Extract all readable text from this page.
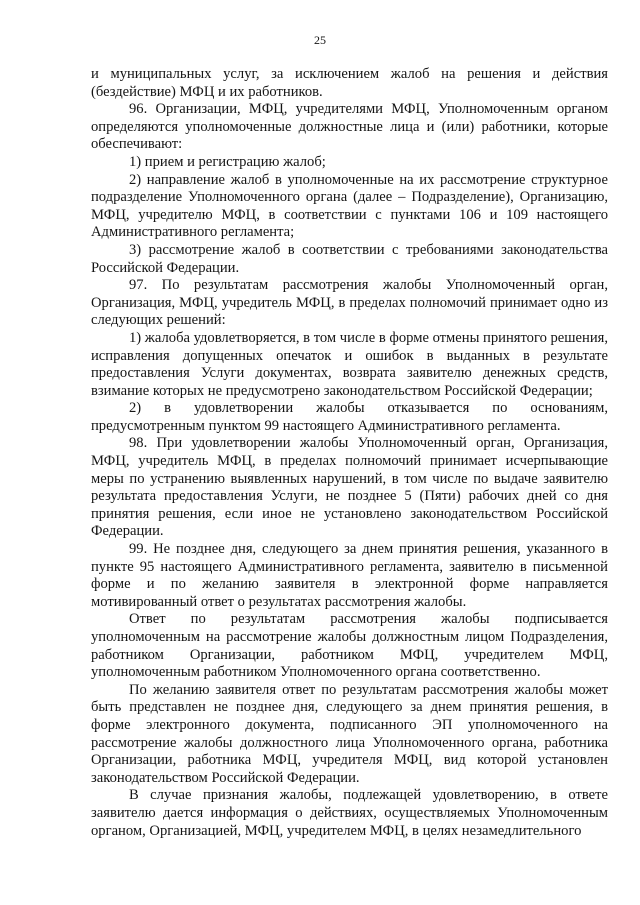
25

и муниципальных услуг, за исключением жалоб на решения и действия (бездействие) МФЦ и их работников.

96. Организации, МФЦ, учредителями МФЦ, Уполномоченным органом определяются уполномоченные должностные лица и (или) работники, которые обеспечивают:

1) прием и регистрацию жалоб;

2) направление жалоб в уполномоченные на их рассмотрение структурное подразделение Уполномоченного органа (далее – Подразделение), Организацию, МФЦ, учредителю МФЦ, в соответствии с пунктами 106 и 109 настоящего Административного регламента;

3) рассмотрение жалоб в соответствии с требованиями законодательства Российской Федерации.

97. По результатам рассмотрения жалобы Уполномоченный орган, Организация, МФЦ, учредитель МФЦ, в пределах полномочий принимает одно из следующих решений:

1) жалоба удовлетворяется, в том числе в форме отмены принятого решения, исправления допущенных опечаток и ошибок в выданных в результате предоставления Услуги документах, возврата заявителю денежных средств, взимание которых не предусмотрено законодательством Российской Федерации;

2) в удовлетворении жалобы отказывается по основаниям, предусмотренным пунктом 99 настоящего Административного регламента.

98. При удовлетворении жалобы Уполномоченный орган, Организация, МФЦ, учредитель МФЦ, в пределах полномочий принимает исчерпывающие меры по устранению выявленных нарушений, в том числе по выдаче заявителю результата предоставления Услуги, не позднее 5 (Пяти) рабочих дней со дня принятия решения, если иное не установлено законодательством Российской Федерации.

99. Не позднее дня, следующего за днем принятия решения, указанного в пункте 95 настоящего Административного регламента, заявителю в письменной форме и по желанию заявителя в электронной форме направляется мотивированный ответ о результатах рассмотрения жалобы.

Ответ по результатам рассмотрения жалобы подписывается уполномоченным на рассмотрение жалобы должностным лицом Подразделения, работником Организации, работником МФЦ, учредителем МФЦ, уполномоченным работником Уполномоченного органа соответственно.

По желанию заявителя ответ по результатам рассмотрения жалобы может быть представлен не позднее дня, следующего за днем принятия решения, в форме электронного документа, подписанного ЭП уполномоченного на рассмотрение жалобы должностного лица Уполномоченного органа, работника Организации, работника МФЦ, учредителя МФЦ, вид которой установлен законодательством Российской Федерации.

В случае признания жалобы, подлежащей удовлетворению, в ответе заявителю дается информация о действиях, осуществляемых Уполномоченным органом, Организацией, МФЦ, учредителем МФЦ, в целях незамедлительного
